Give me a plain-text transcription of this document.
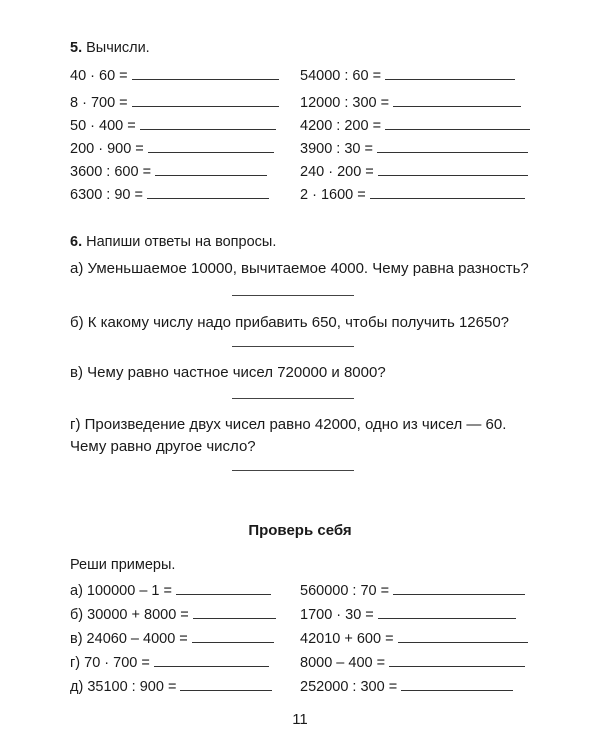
5. Вычисли.
40 · 60 =
8 · 700 =
50 · 400 =
200 · 900 =
3600 : 600 =
6300 : 90 =
54000 : 60 =
12000 : 300 =
4200 : 200 =
3900 : 30 =
240 · 200 =
2 · 1600 =
6. Напиши ответы на вопросы.
а) Уменьшаемое 10000, вычитаемое 4000. Чему равна разность?
б) К какому числу надо прибавить 650, чтобы получить 12650?
в) Чему равно частное чисел 720000 и 8000?
г) Произведение двух чисел равно 42000, одно из чисел — 60. Чему равно другое число?
Проверь себя
Реши примеры.
а) 100000 – 1 =
б) 30000 + 8000 =
в) 24060 – 4000 =
г) 70 · 700 =
д) 35100 : 900 =
560000 : 70 =
1700 · 30 =
42010 + 600 =
8000 – 400 =
252000 : 300 =
11
